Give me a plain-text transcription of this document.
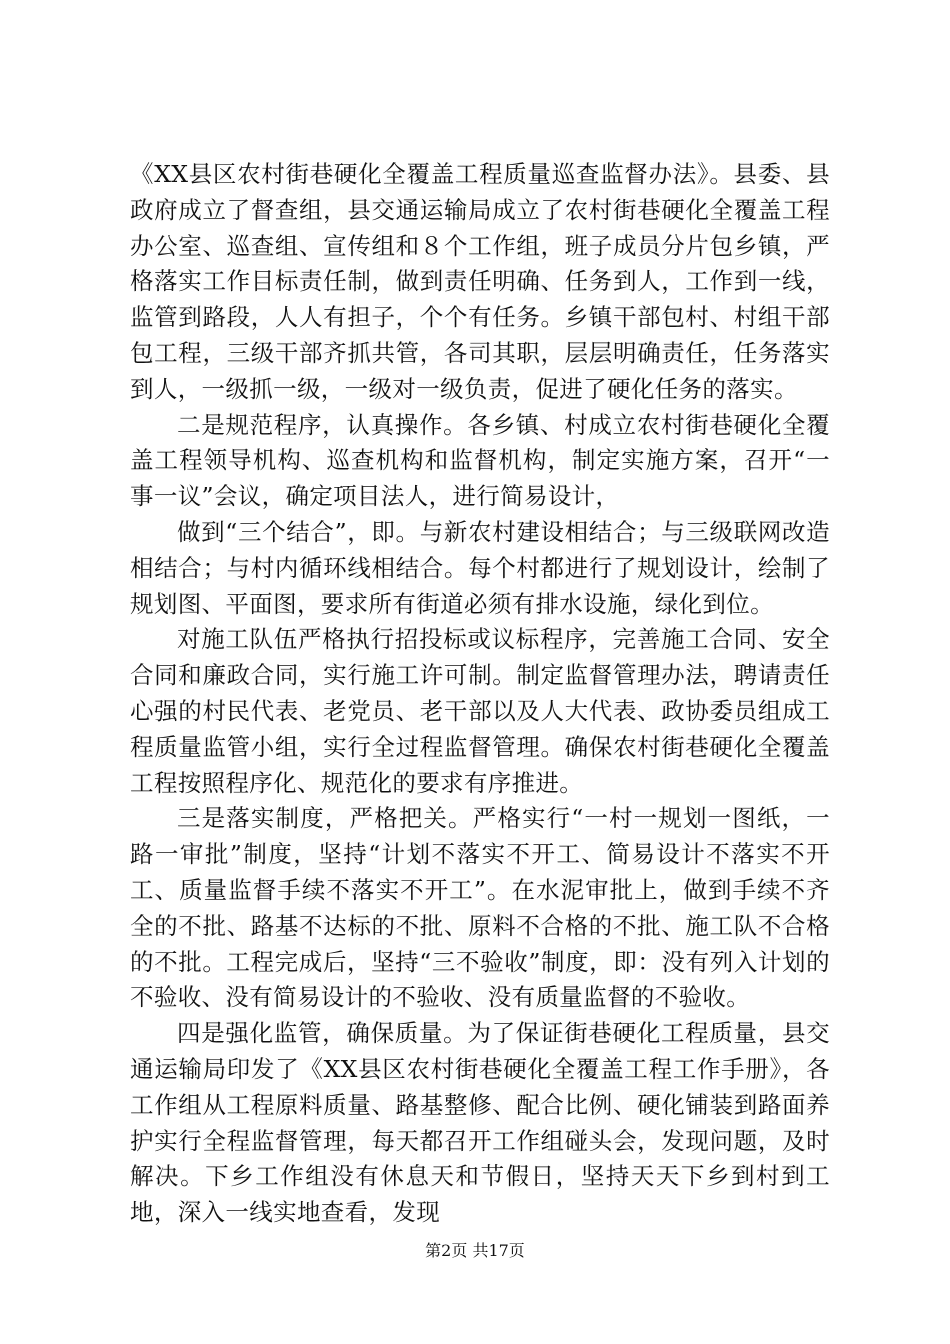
《XX县区农村街巷硬化全覆盖工程质量巡查监督办法》。县委、县政府成立了督查组，县交通运输局成立了农村街巷硬化全覆盖工程办公室、巡查组、宣传组和８个工作组，班子成员分片包乡镇，严格落实工作目标责任制，做到责任明确、任务到人，工作到一线，监管到路段，人人有担子，个个有任务。乡镇干部包村、村组干部包工程，三级干部齐抓共管，各司其职，层层明确责任，任务落实到人，一级抓一级，一级对一级负责，促进了硬化任务的落实。

二是规范程序，认真操作。各乡镇、村成立农村街巷硬化全覆盖工程领导机构、巡查机构和监督机构，制定实施方案，召开“一事一议”会议，确定项目法人，进行简易设计，

做到“三个结合”，即。与新农村建设相结合；与三级联网改造相结合；与村内循环线相结合。每个村都进行了规划设计，绘制了规划图、平面图，要求所有街道必须有排水设施，绿化到位。

对施工队伍严格执行招投标或议标程序，完善施工合同、安全合同和廉政合同，实行施工许可制。制定监督管理办法，聘请责任心强的村民代表、老党员、老干部以及人大代表、政协委员组成工程质量监管小组，实行全过程监督管理。确保农村街巷硬化全覆盖工程按照程序化、规范化的要求有序推进。

三是落实制度，严格把关。严格实行“一村一规划一图纸，一路一审批”制度，坚持“计划不落实不开工、简易设计不落实不开工、质量监督手续不落实不开工”。在水泥审批上，做到手续不齐全的不批、路基不达标的不批、原料不合格的不批、施工队不合格的不批。工程完成后，坚持“三不验收”制度，即：没有列入计划的不验收、没有简易设计的不验收、没有质量监督的不验收。

四是强化监管，确保质量。为了保证街巷硬化工程质量，县交通运输局印发了《XX县区农村街巷硬化全覆盖工程工作手册》，各工作组从工程原料质量、路基整修、配合比例、硬化铺装到路面养护实行全程监督管理，每天都召开工作组碰头会，发现问题，及时解决。下乡工作组没有休息天和节假日，坚持天天下乡到村到工地，深入一线实地查看，发现

第2页 共17页
